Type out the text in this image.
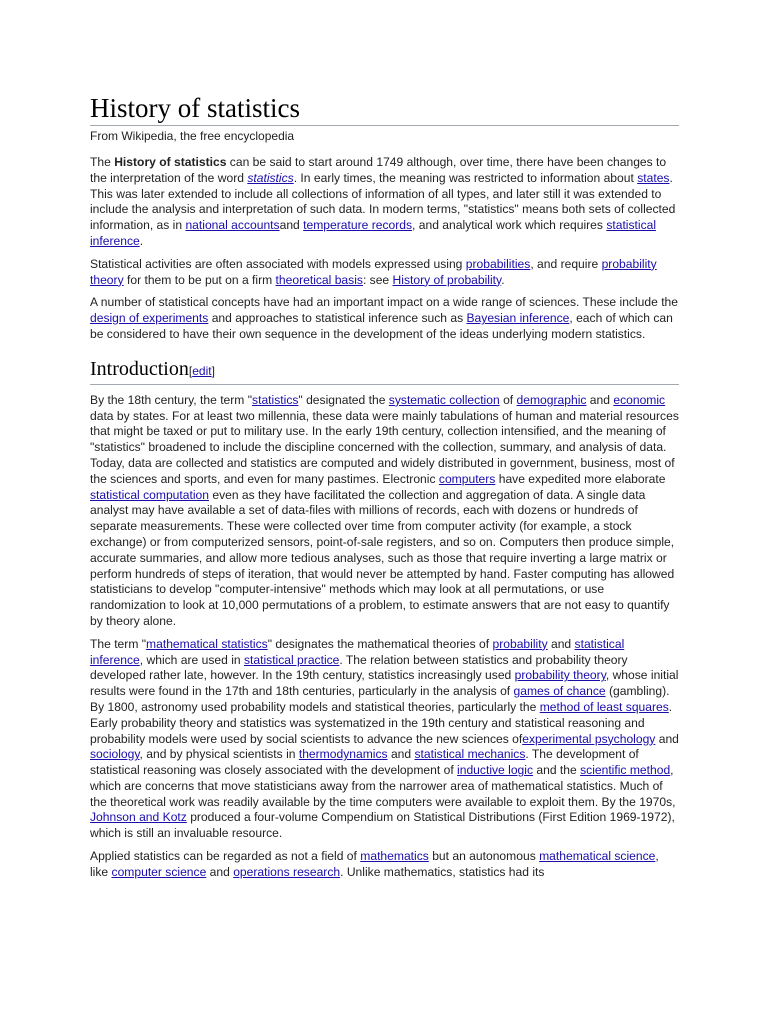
History of statistics
From Wikipedia, the free encyclopedia

The History of statistics can be said to start around 1749 although, over time, there have been changes to the interpretation of the word statistics. In early times, the meaning was restricted to information about states. This was later extended to include all collections of information of all types, and later still it was extended to include the analysis and interpretation of such data. In modern terms, "statistics" means both sets of collected information, as in national accountsand temperature records, and analytical work which requires statistical inference.

Statistical activities are often associated with models expressed using probabilities, and require probability theory for them to be put on a firm theoretical basis: see History of probability.

A number of statistical concepts have had an important impact on a wide range of sciences. These include the design of experiments and approaches to statistical inference such as Bayesian inference, each of which can be considered to have their own sequence in the development of the ideas underlying modern statistics.

Introduction[edit]

By the 18th century, the term "statistics" designated the systematic collection of demographic and economic data by states. For at least two millennia, these data were mainly tabulations of human and material resources that might be taxed or put to military use. In the early 19th century, collection intensified, and the meaning of "statistics" broadened to include the discipline concerned with the collection, summary, and analysis of data. Today, data are collected and statistics are computed and widely distributed in government, business, most of the sciences and sports, and even for many pastimes. Electronic computers have expedited more elaborate statistical computation even as they have facilitated the collection and aggregation of data. A single data analyst may have available a set of data-files with millions of records, each with dozens or hundreds of separate measurements. These were collected over time from computer activity (for example, a stock exchange) or from computerized sensors, point-of-sale registers, and so on. Computers then produce simple, accurate summaries, and allow more tedious analyses, such as those that require inverting a large matrix or perform hundreds of steps of iteration, that would never be attempted by hand. Faster computing has allowed statisticians to develop "computer-intensive" methods which may look at all permutations, or use randomization to look at 10,000 permutations of a problem, to estimate answers that are not easy to quantify by theory alone.

The term "mathematical statistics" designates the mathematical theories of probability and statistical inference, which are used in statistical practice. The relation between statistics and probability theory developed rather late, however. In the 19th century, statistics increasingly used probability theory, whose initial results were found in the 17th and 18th centuries, particularly in the analysis of games of chance (gambling). By 1800, astronomy used probability models and statistical theories, particularly the method of least squares. Early probability theory and statistics was systematized in the 19th century and statistical reasoning and probability models were used by social scientists to advance the new sciences ofexperimental psychology and sociology, and by physical scientists in thermodynamics and statistical mechanics. The development of statistical reasoning was closely associated with the development of inductive logic and the scientific method, which are concerns that move statisticians away from the narrower area of mathematical statistics. Much of the theoretical work was readily available by the time computers were available to exploit them. By the 1970s, Johnson and Kotz produced a four-volume Compendium on Statistical Distributions (First Edition 1969-1972), which is still an invaluable resource.

Applied statistics can be regarded as not a field of mathematics but an autonomous mathematical science, like computer science and operations research. Unlike mathematics, statistics had its
